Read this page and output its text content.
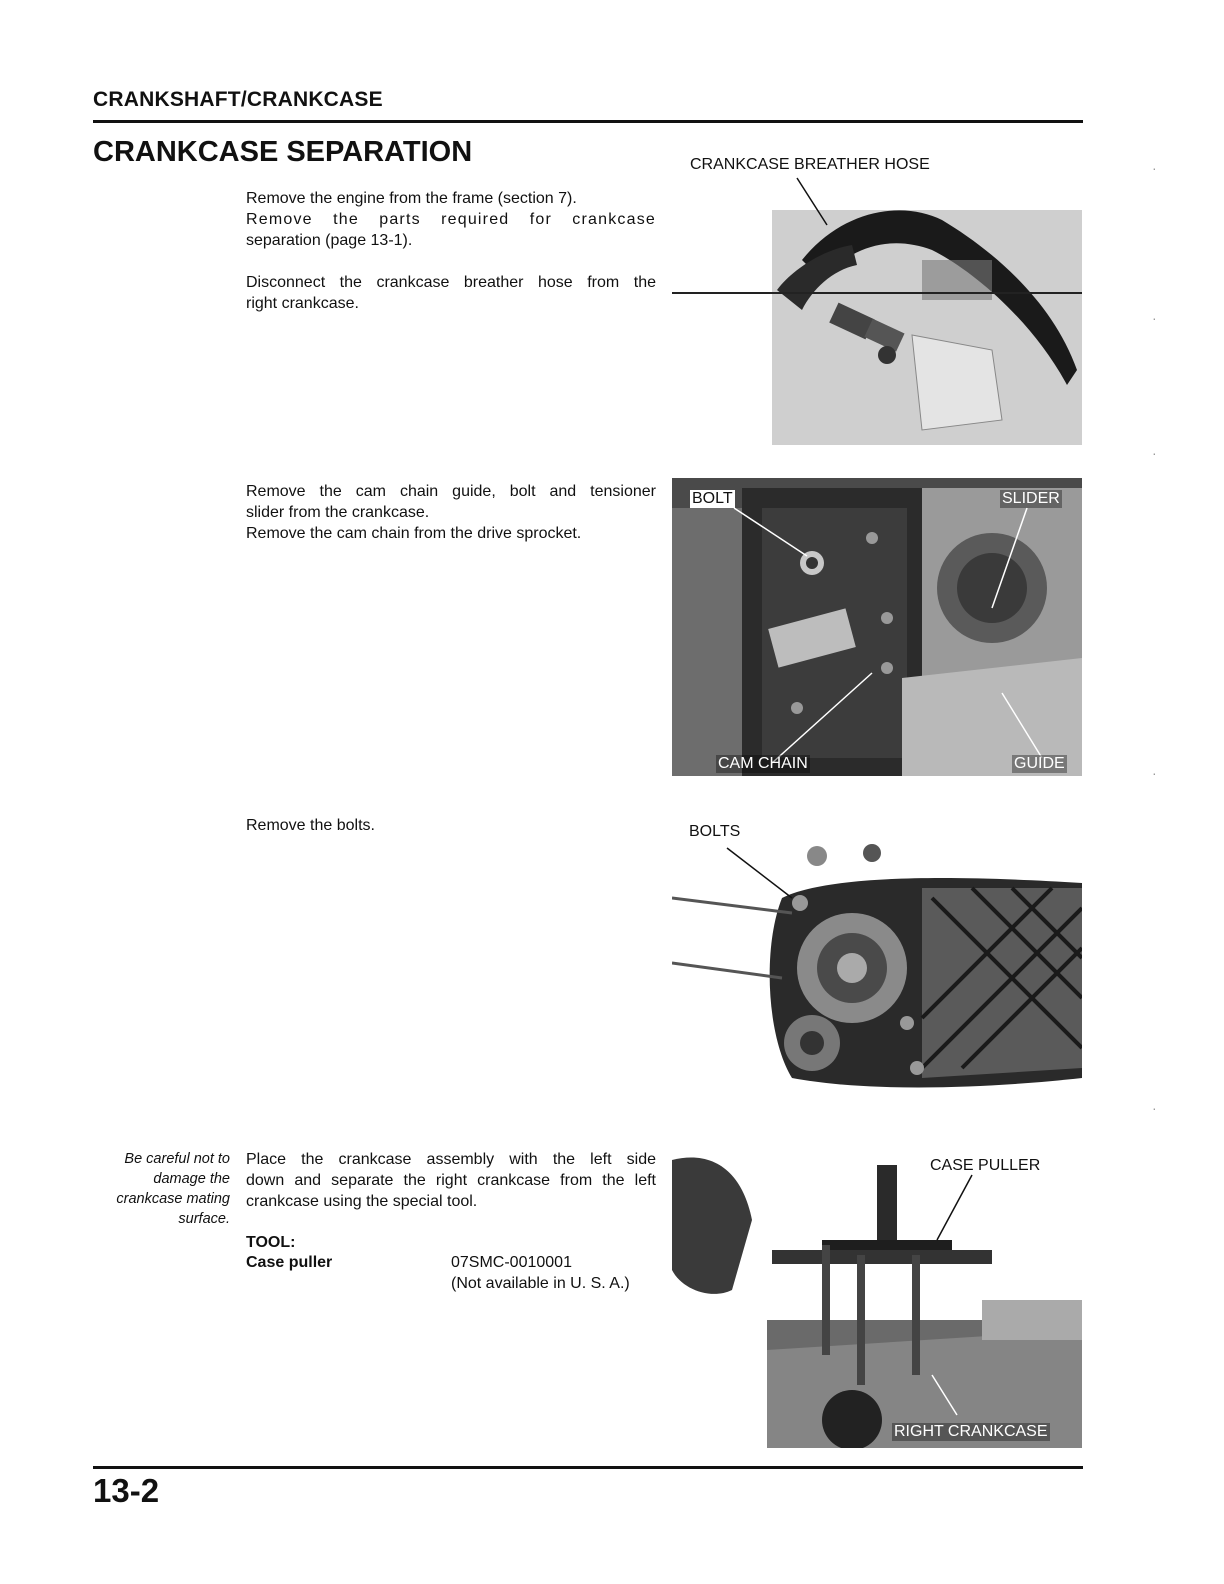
CRANKSHAFT/CRANKCASE
CRANKCASE SEPARATION

Remove the engine from the frame (section 7).

Remove the parts required for crankcase

separation (page 13-1).

Disconnect the crankcase breather hose from the

right crankcase.

Remove the cam chain guide, bolt and tensioner

slider from the crankcase.

Remove the cam chain from the drive sprocket.

Remove the bolts.

Be careful not to
damage the
crankcase mating
surface.

Place the crankcase assembly with the left side

down and separate the right crankcase from the left

crankcase using the special tool.

TOOL:
Case puller	07SMC-0010001
(Not available in U. S. A.)
CRANKCASE BREATHER HOSE
BOLT	SLIDER
CAM CHAIN	GUIDE
BOLTS
CASE PULLER
RIGHT CRANKCASE
·
·
·
·
·
13-2
